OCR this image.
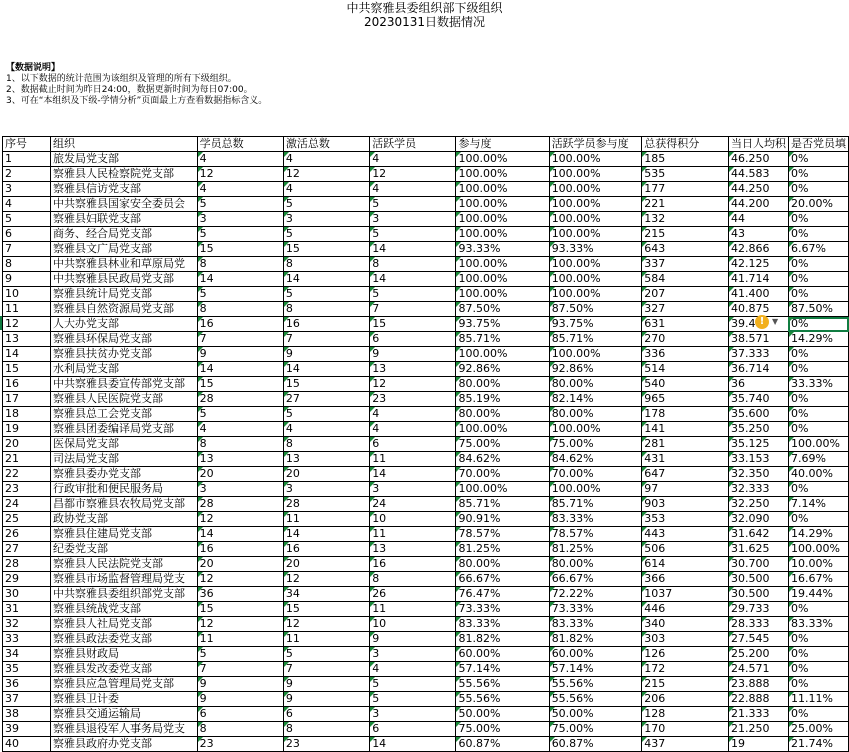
中共察雅县委组织部下级组织
20230131日数据情况
【数据说明】
1、以下数据的统计范围为该组织及管理的所有下级组织。
2、数据截止时间为昨日24:00，数据更新时间为每日07:00。
3、可在“本组织及下级-学情分析”页面最上方查看数据指标含义。
序号	组织	学员总数	激活总数	活跃学员	参与度	活跃学员参与度	总获得积分	当日人均积	是否党员填
1	旅发局党支部	4	4	4	100.00%	100.00%	185	46.250	0%
2	察雅县人民检察院党支部	12	12	12	100.00%	100.00%	535	44.583	0%
3	察雅县信访党支部	4	4	4	100.00%	100.00%	177	44.250	0%
4	中共察雅县国家安全委员会	5	5	5	100.00%	100.00%	221	44.200	20.00%
5	察雅县妇联党支部	3	3	3	100.00%	100.00%	132	44	0%
6	商务、经合局党支部	5	5	5	100.00%	100.00%	215	43	0%
7	察雅县文广局党支部	15	15	14	93.33%	93.33%	643	42.866	6.67%
8	中共察雅县林业和草原局党	8	8	8	100.00%	100.00%	337	42.125	0%
9	中共察雅县民政局党支部	14	14	14	100.00%	100.00%	584	41.714	0%
10	察雅县统计局党支部	5	5	5	100.00%	100.00%	207	41.400	0%
11	察雅县自然资源局党支部	8	8	7	87.50%	87.50%	327	40.875	87.50%
12	人大办党支部	16	16	15	93.75%	93.75%	631	39.4	0%
13	察雅县环保局党支部	7	7	6	85.71%	85.71%	270	38.571	14.29%
14	察雅县扶贫办党支部	9	9	9	100.00%	100.00%	336	37.333	0%
15	水利局党支部	14	14	13	92.86%	92.86%	514	36.714	0%
16	中共察雅县委宣传部党支部	15	15	12	80.00%	80.00%	540	36	33.33%
17	察雅县人民医院党支部	28	27	23	85.19%	82.14%	965	35.740	0%
18	察雅县总工会党支部	5	5	4	80.00%	80.00%	178	35.600	0%
19	察雅县团委编译局党支部	4	4	4	100.00%	100.00%	141	35.250	0%
20	医保局党支部	8	8	6	75.00%	75.00%	281	35.125	100.00%
21	司法局党支部	13	13	11	84.62%	84.62%	431	33.153	7.69%
22	察雅县委办党支部	20	20	14	70.00%	70.00%	647	32.350	40.00%
23	行政审批和便民服务局	3	3	3	100.00%	100.00%	97	32.333	0%
24	昌都市察雅县农牧局党支部	28	28	24	85.71%	85.71%	903	32.250	7.14%
25	政协党支部	12	11	10	90.91%	83.33%	353	32.090	0%
26	察雅县住建局党支部	14	14	11	78.57%	78.57%	443	31.642	14.29%
27	纪委党支部	16	16	13	81.25%	81.25%	506	31.625	100.00%
28	察雅县人民法院党支部	20	20	16	80.00%	80.00%	614	30.700	10.00%
29	察雅县市场监督管理局党支	12	12	8	66.67%	66.67%	366	30.500	16.67%
30	中共察雅县委组织部党支部	36	34	26	76.47%	72.22%	1037	30.500	19.44%
31	察雅县统战党支部	15	15	11	73.33%	73.33%	446	29.733	0%
32	察雅县人社局党支部	12	12	10	83.33%	83.33%	340	28.333	83.33%
33	察雅县政法委党支部	11	11	9	81.82%	81.82%	303	27.545	0%
34	察雅县财政局	5	5	3	60.00%	60.00%	126	25.200	0%
35	察雅县发改委党支部	7	7	4	57.14%	57.14%	172	24.571	0%
36	察雅县应急管理局党支部	9	9	5	55.56%	55.56%	215	23.888	0%
37	察雅县卫计委	9	9	5	55.56%	55.56%	206	22.888	11.11%
38	察雅县交通运输局	6	6	3	50.00%	50.00%	128	21.333	0%
39	察雅县退役军人事务局党支	8	8	6	75.00%	75.00%	170	21.250	25.00%
40	察雅县政府办党支部	23	23	14	60.87%	60.87%	437	19	21.74%
! ▼
